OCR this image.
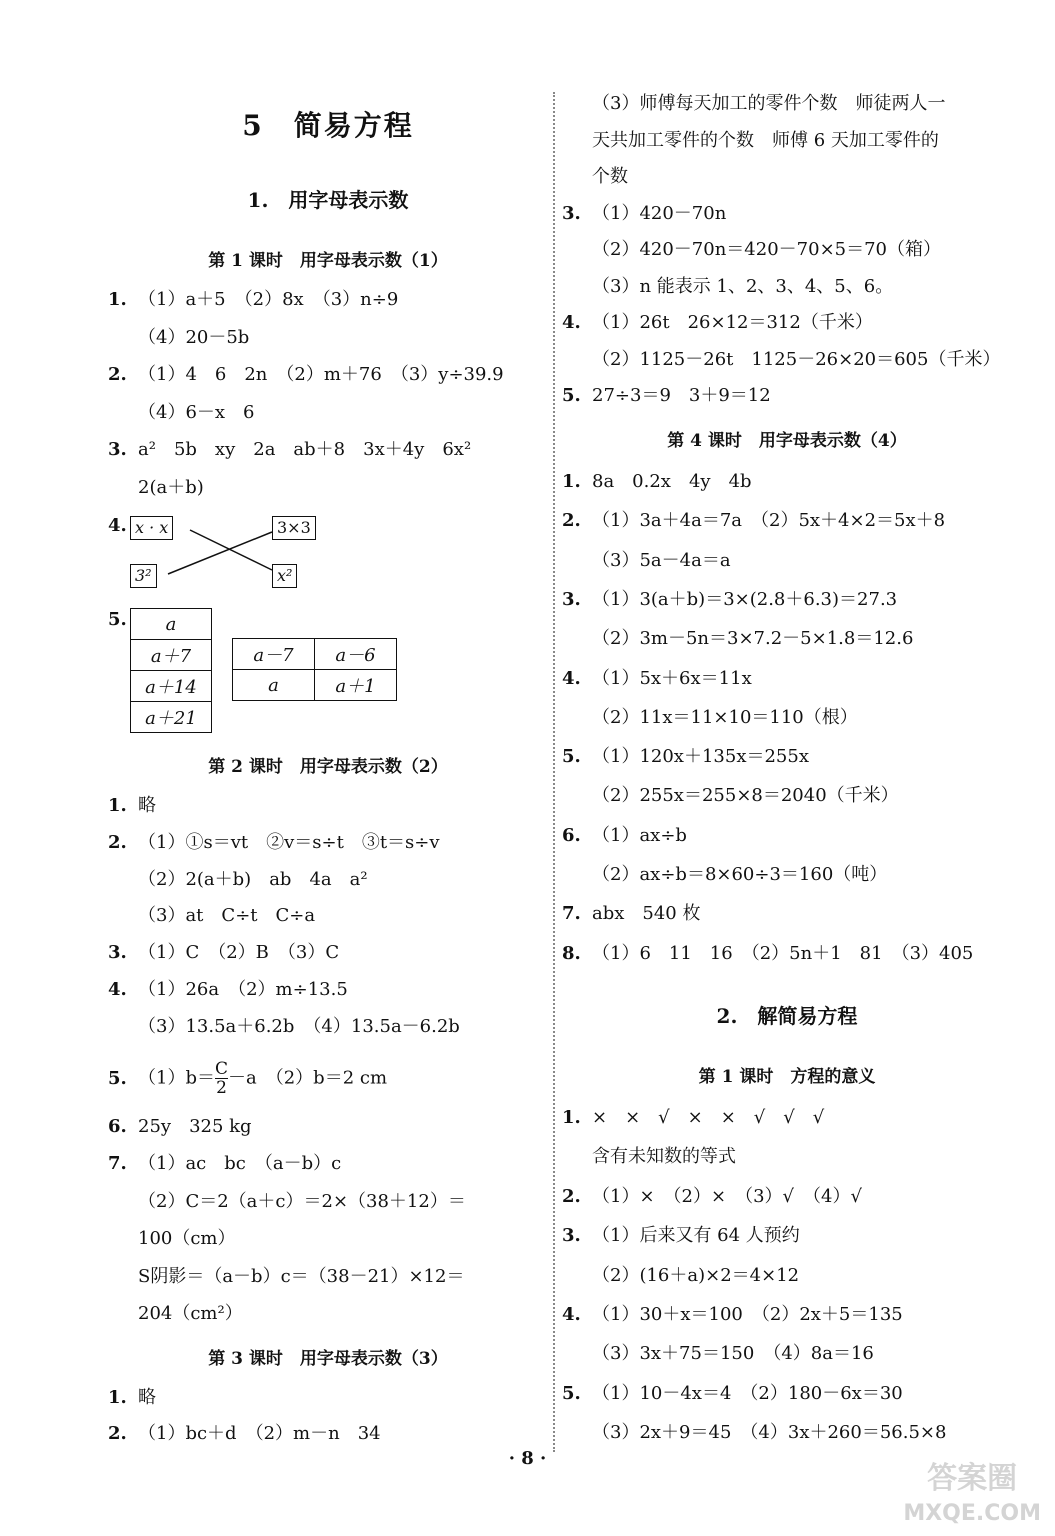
5　简易方程
1.　用字母表示数
第 1 课时　用字母表示数（1）
1. （1）a＋5　（2）8x　（3）n÷9
（4）20－5b
2. （1）4　6　2n　（2）m＋76　（3）y÷39.9
（4）6－x　6
3. a²　5b　xy　2a　ab＋8　3x＋4y　6x²
2(a＋b)
4. x · x
3²
3×3
x²
5.	a
a＋7
a＋14
a＋21
a－7	a－6
a	a＋1
第 2 课时　用字母表示数（2）
1. 略
2. （1）①s＝vt　②v＝s÷t　③t＝s÷v
（2）2(a＋b)　ab　4a　a²
（3）at　C÷t　C÷a
3. （1）C　（2）B　（3）C
4. （1）26a　（2）m÷13.5
（3）13.5a＋6.2b　（4）13.5a－6.2b
5. $(1)b= \frac{C}{2} -a$　（2）b＝2 cm
6. 25y　325 kg
7. （1）ac　bc　（a－b）c
（2）C＝2（a＋c）＝2×（38＋12）＝
100（cm）
S阴影＝（a－b）c＝（38－21）×12＝
204（cm²）
第 3 课时　用字母表示数（3）
1. 略
2. （1）bc＋d　（2）m－n　34
（3）师傅每天加工的零件个数　师徒两人一
天共加工零件的个数　师傅 6 天加工零件的
个数
3. （1）420－70n
（2）420－70n＝420－70×5＝70（箱）
（3）n 能表示 1、2、3、4、5、6。
4. （1）26t　26×12＝312（千米）
（2）1125－26t　1125－26×20＝605（千米）
5. 27÷3＝9　3＋9＝12
第 4 课时　用字母表示数（4）
1. 8a　0.2x　4y　4b
2. （1）3a＋4a＝7a　（2）5x＋4×2＝5x＋8
（3）5a－4a＝a
3. （1）3(a＋b)＝3×(2.8＋6.3)＝27.3
（2）3m－5n＝3×7.2－5×1.8＝12.6
4. （1）5x＋6x＝11x
（2）11x＝11×10＝110（根）
5. （1）120x＋135x＝255x
（2）255x＝255×8＝2040（千米）
6. （1）ax÷b
（2）ax÷b＝8×60÷3＝160（吨）
7. abx　540 枚
8. （1）6　11　16　（2）5n＋1　81　（3）405
2.　解简易方程
第 1 课时　方程的意义
1. ×　×　√　×　×　√　√　√
含有未知数的等式
2. （1）×　（2）×　（3）√　（4）√
3. （1）后来又有 64 人预约
（2）(16＋a)×2＝4×12
4. （1）30＋x＝100　（2）2x＋5＝135
（3）3x＋75＝150　（4）8a＝16
5. （1）10－4x＝4　（2）180－6x＝30
（3）2x＋9＝45　（4）3x＋260＝56.5×8
· 8 ·
答案圈
MXQE.COM
